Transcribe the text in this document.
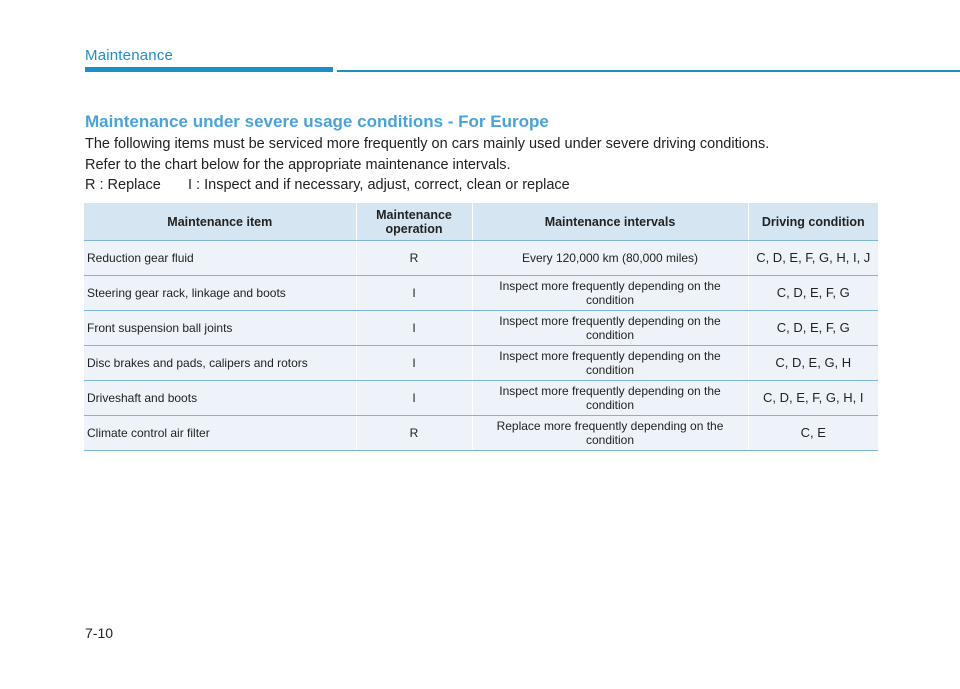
Maintenance
Maintenance under severe usage conditions - For Europe
The following items must be serviced more frequently on cars mainly used under severe driving conditions.
Refer to the chart below for the appropriate maintenance intervals.
R : Replace I : Inspect and if necessary, adjust, correct, clean or replace
Maintenance item	Maintenance operation	Maintenance intervals	Driving condition
Reduction gear fluid	R	Every 120,000 km (80,000 miles)	C, D, E, F, G, H, I, J
Steering gear rack, linkage and boots	I	Inspect more frequently depending on the condition	C, D, E, F, G
Front suspension ball joints	I	Inspect more frequently depending on the condition	C, D, E, F, G
Disc brakes and pads, calipers and rotors	I	Inspect more frequently depending on the condition	C, D, E, G, H
Driveshaft and boots	I	Inspect more frequently depending on the condition	C, D, E, F, G, H, I
Climate control air filter	R	Replace more frequently depending on the condition	C, E
7-10
